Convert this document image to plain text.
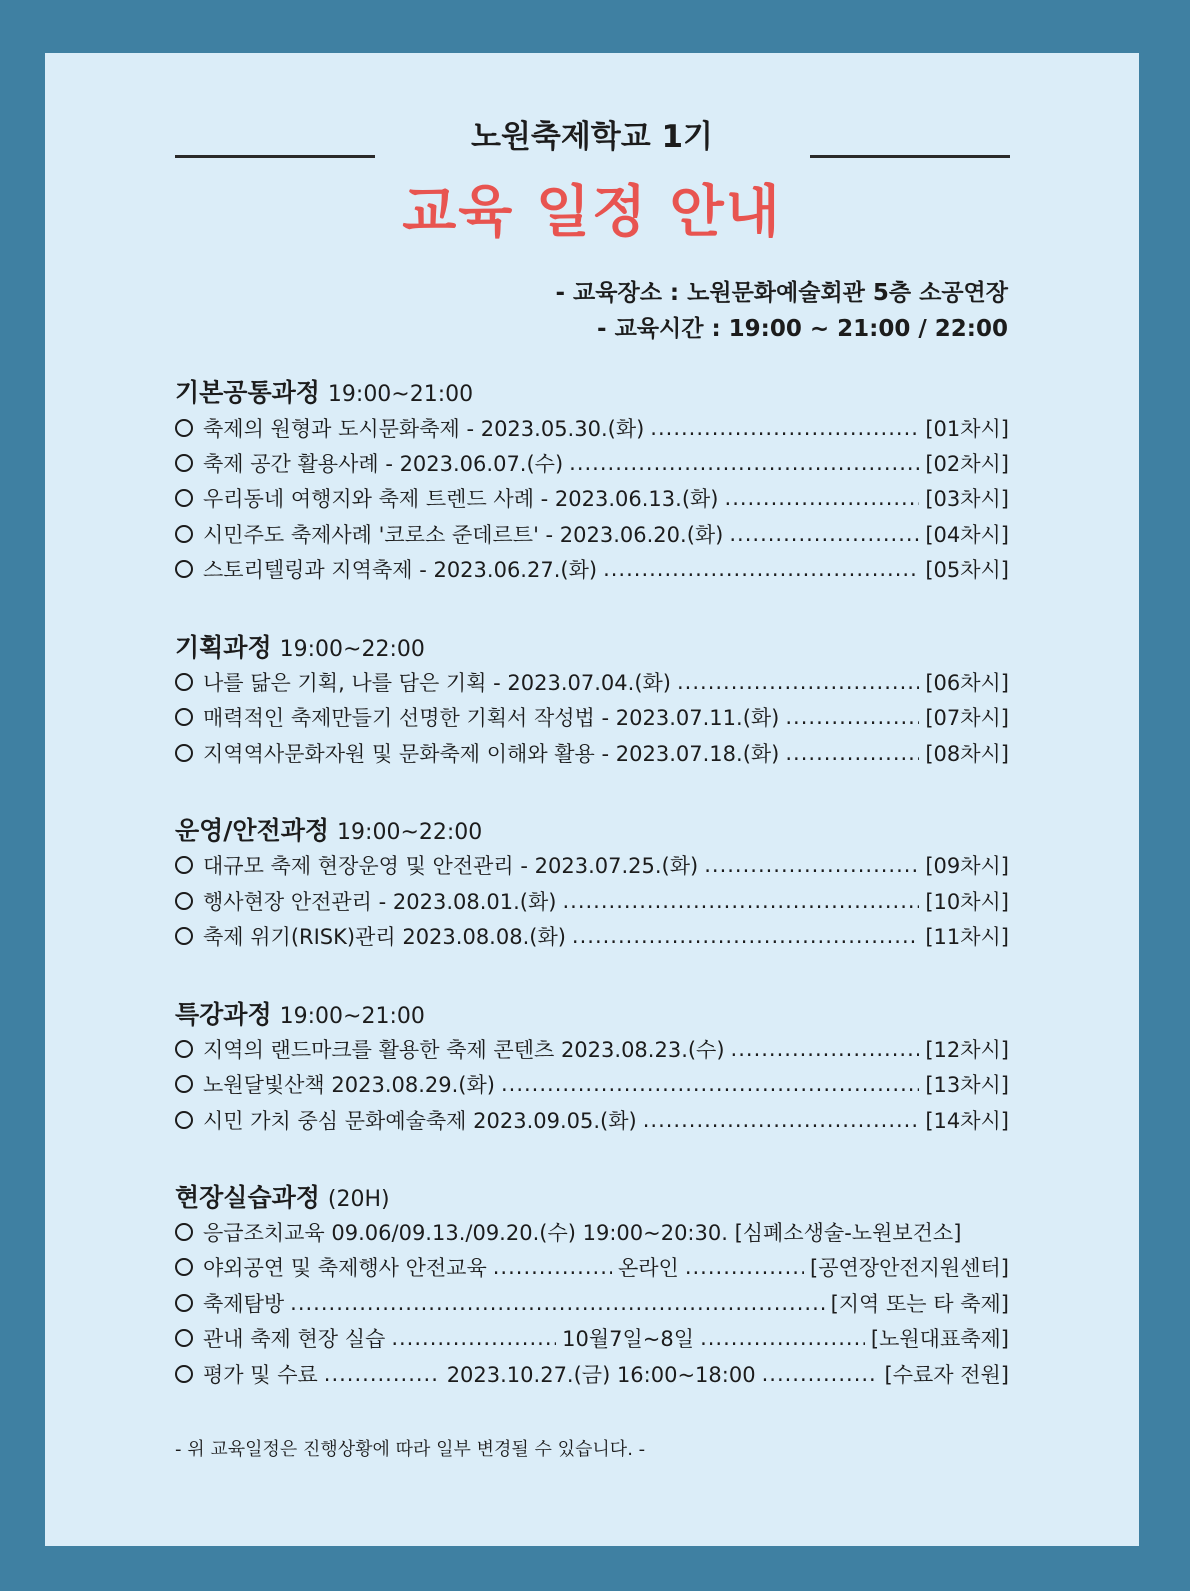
노원축제학교 1기
교육 일정 안내
- 교육장소 : 노원문화예술회관 5층 소공연장
- 교육시간 : 19:00 ~ 21:00 / 22:00
기본공통과정 19:00~21:00
축제의 원형과 도시문화축제 - 2023.05.30.(화) .....	[01차시]
축제 공간 활용사례 - 2023.06.07.(수) .....	[02차시]
우리동네 여행지와 축제 트렌드 사례 - 2023.06.13.(화) .....	[03차시]
시민주도 축제사례 '코로소 준데르트' - 2023.06.20.(화) .....	[04차시]
스토리텔링과 지역축제 - 2023.06.27.(화) .....	[05차시]
기획과정 19:00~22:00
나를 닮은 기획, 나를 담은 기획 - 2023.07.04.(화) .....	[06차시]
매력적인 축제만들기 선명한 기획서 작성법 - 2023.07.11.(화) .....	[07차시]
지역역사문화자원 및 문화축제 이해와 활용 - 2023.07.18.(화) .....	[08차시]
운영/안전과정 19:00~22:00
대규모 축제 현장운영 및 안전관리 - 2023.07.25.(화) .....	[09차시]
행사현장 안전관리 - 2023.08.01.(화) .....	[10차시]
축제 위기(RISK)관리 2023.08.08.(화) .....	[11차시]
특강과정 19:00~21:00
지역의 랜드마크를 활용한 축제 콘텐츠 2023.08.23.(수) .....	[12차시]
노원달빛산책 2023.08.29.(화) .....	[13차시]
시민 가치 중심 문화예술축제 2023.09.05.(화) .....	[14차시]
현장실습과정 (20H)
응급조치교육 09.06/09.13./09.20.(수) 19:00~20:30. [심폐소생술-노원보건소]
야외공연 및 축제행사 안전교육 .....	온라인 .....	[공연장안전지원센터]
축제탐방 .....	[지역 또는 타 축제]
관내 축제 현장 실습 .....	10월7일~8일 .....	[노원대표축제]
평가 및 수료 .....	2023.10.27.(금) 16:00~18:00 .....	[수료자 전원]
- 위 교육일정은 진행상황에 따라 일부 변경될 수 있습니다. -
